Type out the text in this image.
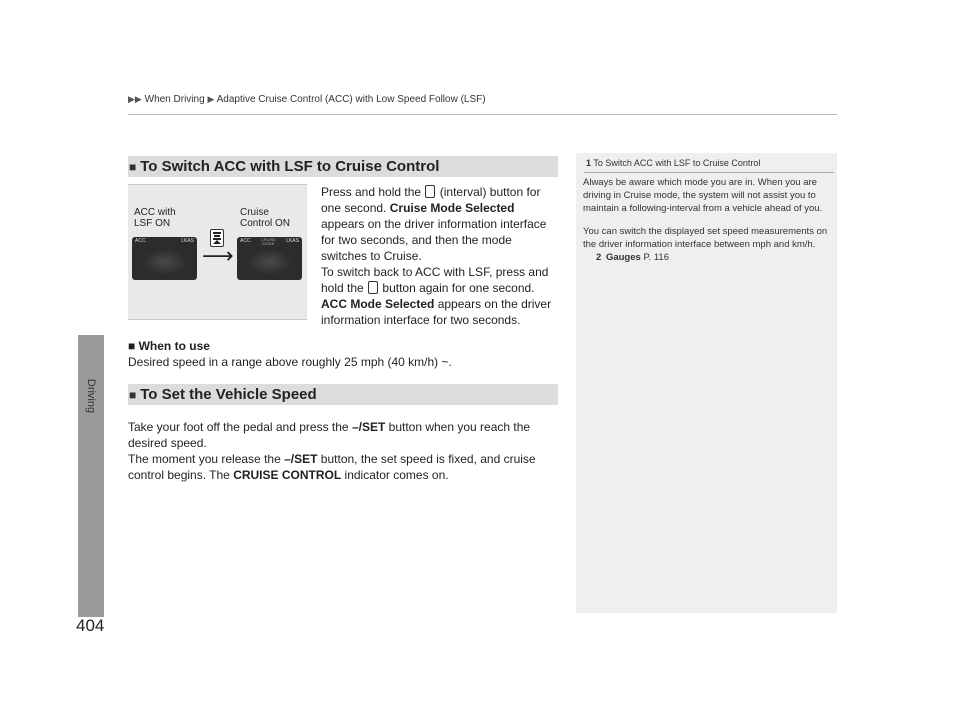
▶▶ When Driving ▶ Adaptive Cruise Control (ACC) with Low Speed Follow (LSF)
Driving
404
■ To Switch ACC with LSF to Cruise Control
ACC with
LSF ON
Cruise
Control ON
ACC	LKAS
⟶
ACC	CRUISE
MODE	LKAS
Press and hold the (interval) button for one second. Cruise Mode Selected appears on the driver information interface for two seconds, and then the mode switches to Cruise.
To switch back to ACC with LSF, press and hold the button again for one second. ACC Mode Selected appears on the driver information interface for two seconds.
■ When to use
Desired speed in a range above roughly 25 mph (40 km/h) ~.
■ To Set the Vehicle Speed
Take your foot off the pedal and press the –/SET button when you reach the desired speed.
The moment you release the –/SET button, the set speed is fixed, and cruise control begins. The CRUISE CONTROL indicator comes on.
1 To Switch ACC with LSF to Cruise Control
Always be aware which mode you are in. When you are driving in Cruise mode, the system will not assist you to maintain a following-interval from a vehicle ahead of you.
You can switch the displayed set speed measurements on the driver information interface between mph and km/h.
2 Gauges P. 116
